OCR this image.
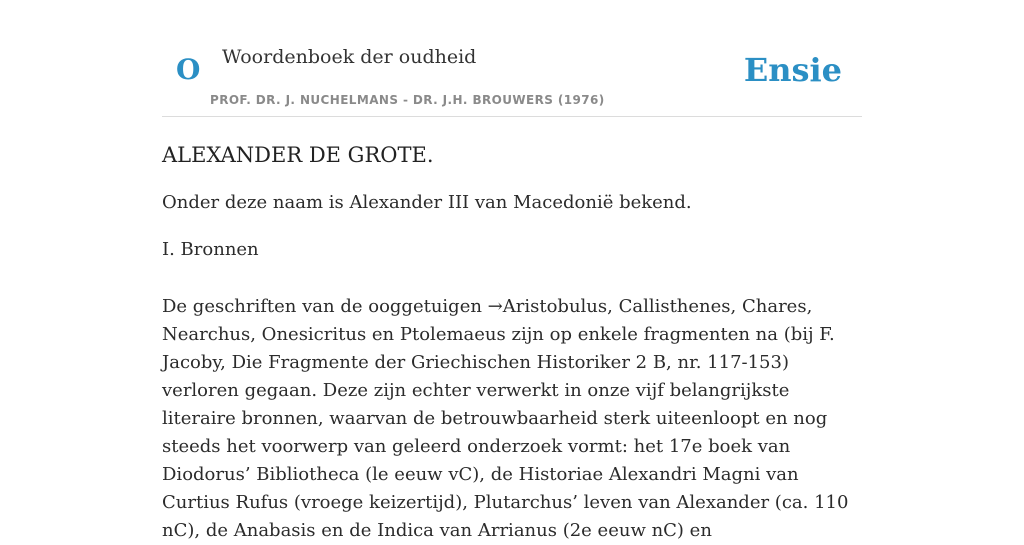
O Woordenboek der oudheid
PROF. DR. J. NUCHELMANS - DR. J.H. BROUWERS (1976)
Ensie
ALEXANDER DE GROTE.

Onder deze naam is Alexander III van Macedonië bekend.

I. Bronnen

De geschriften van de ooggetuigen →Aristobulus, Callisthenes, Chares, Nearchus, Onesicritus en Ptolemaeus zijn op enkele fragmenten na (bij F. Jacoby, Die Fragmente der Griechischen Historiker 2 B, nr. 117-153) verloren gegaan. Deze zijn echter verwerkt in onze vijf belangrijkste literaire bronnen, waarvan de betrouwbaarheid sterk uiteenloopt en nog steeds het voorwerp van geleerd onderzoek vormt: het 17e boek van Diodorus’ Bibliotheca (le eeuw vC), de Historiae Alexandri Magni van Curtius Rufus (vroege keizertijd), Plutarchus’ leven van Alexander (ca. 110 nC), de Anabasis en de Indica van Arrianus (2e eeuw nC) en
